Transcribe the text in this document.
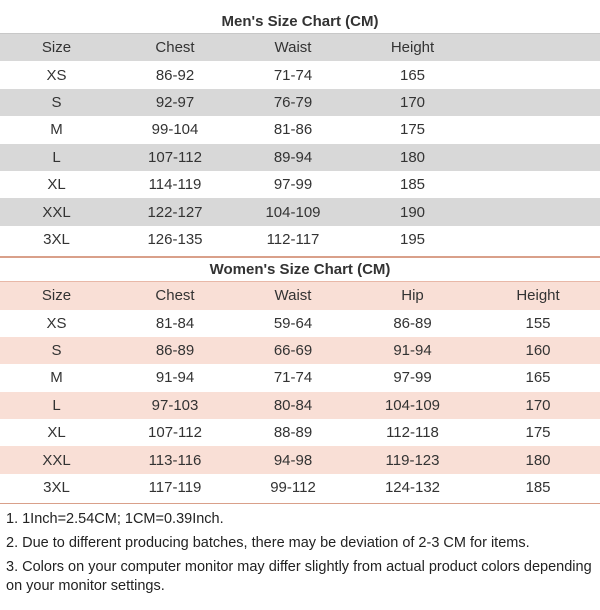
Men's Size Chart (CM)
Size	Chest	Waist	Height
XS	86-92	71-74	165
S	92-97	76-79	170
M	99-104	81-86	175
L	107-112	89-94	180
XL	114-119	97-99	185
XXL	122-127	104-109	190
3XL	126-135	112-117	195
Women's Size Chart (CM)
Size	Chest	Waist	Hip	Height
XS	81-84	59-64	86-89	155
S	86-89	66-69	91-94	160
M	91-94	71-74	97-99	165
L	97-103	80-84	104-109	170
XL	107-112	88-89	112-118	175
XXL	113-116	94-98	119-123	180
3XL	117-119	99-112	124-132	185

1. 1Inch=2.54CM; 1CM=0.39Inch.

2. Due to different producing batches, there may be deviation of 2-3 CM for items.

3. Colors on your computer monitor may differ slightly from actual product colors depending on your monitor settings.
